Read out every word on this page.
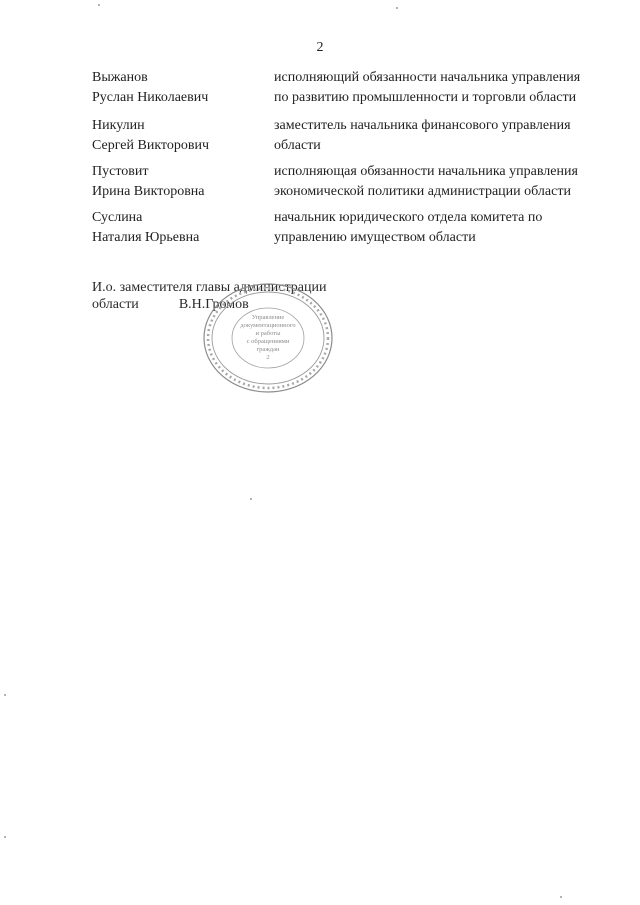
2
Выжанов
Руслан Николаевич
исполняющий обязанности начальника управления
по развитию промышленности и торговли области
Никулин
Сергей Викторович
заместитель начальника финансового управления
области
Пустовит
Ирина Викторовна
исполняющая обязанности начальника управления
экономической политики администрации области
Суслина
Наталия Юрьевна
начальник юридического отдела комитета по
управлению имуществом области
И.о. заместителя главы администрации
области	В.Н.Громов
Управление
документационного
и работы
с обращениями
граждан
2
